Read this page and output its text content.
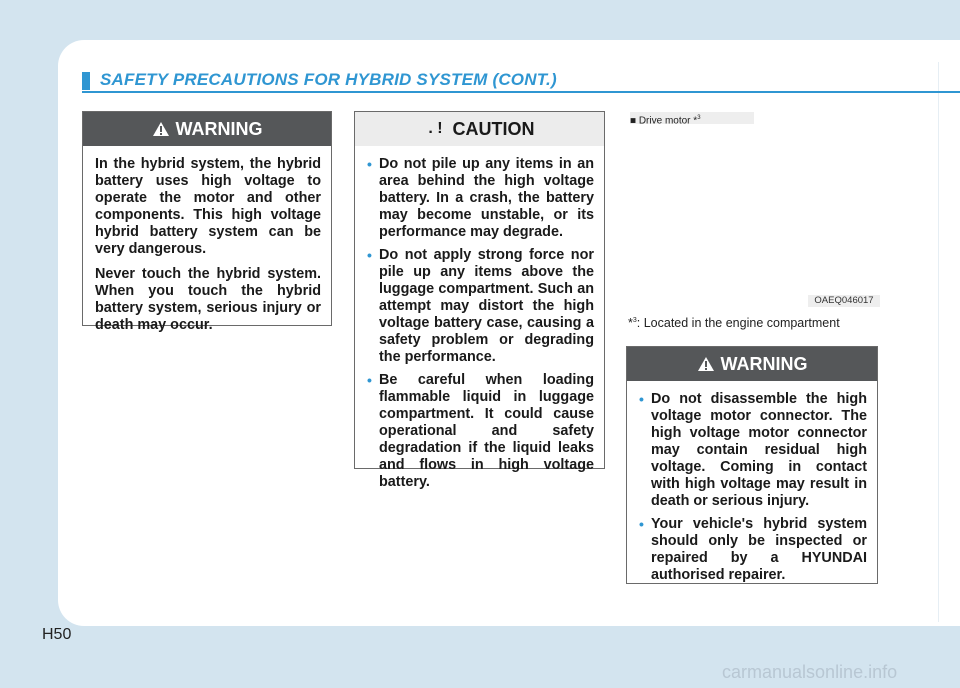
SAFETY PRECAUTIONS FOR HYBRID SYSTEM (CONT.)
WARNING

In the hybrid system, the hybrid battery uses high voltage to operate the motor and other components. This high voltage hybrid battery system can be very dangerous.

Never touch the hybrid system. When you touch the hybrid battery system, serious injury or death may occur.

. ! CAUTION
• Do not pile up any items in an area behind the high voltage battery. In a crash, the battery may become unstable, or its performance may degrade.
• Do not apply strong force nor pile up any items above the luggage compartment. Such an attempt may distort the high voltage battery case, causing a safety problem or degrading the performance.
• Be careful when loading flammable liquid in luggage compartment. It could cause operational and safety degradation if the liquid leaks and flows in high voltage battery.
■ Drive motor *$^3$
OAEQ046017
*$^3$: Located in the engine compartment
WARNING
• Do not disassemble the high voltage motor connector. The high voltage motor connector may contain residual high voltage. Coming in contact with high voltage may result in death or serious injury.
• Your vehicle's hybrid system should only be inspected or repaired by a HYUNDAI authorised repairer.
H50
carmanualsonline.info
